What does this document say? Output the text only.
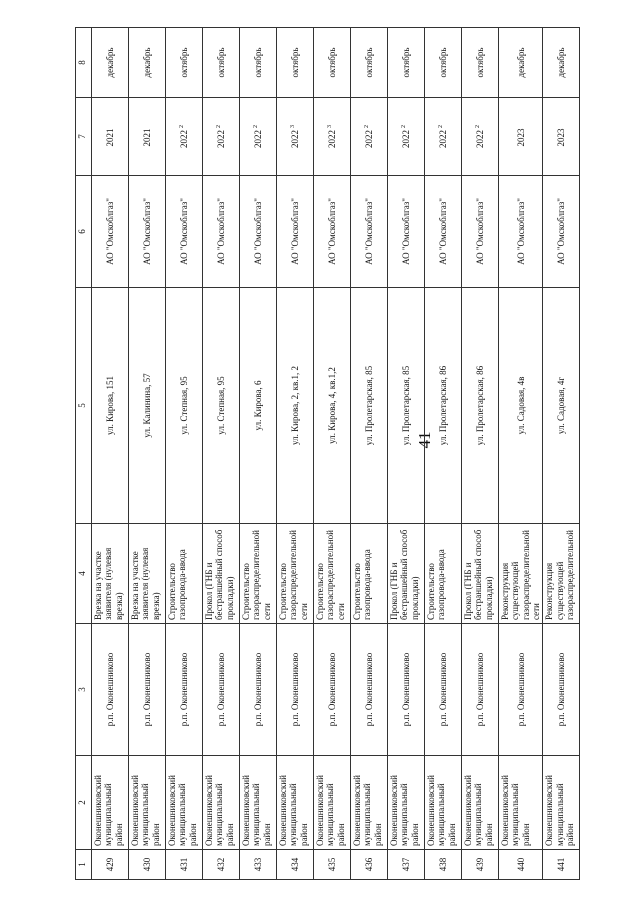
41
1	2	3	4	5	6	7	8
429	Оконешниковский муниципальный район	р.п. Оконешниково	Врезка на участке заявителя (нулевая врезка)	ул. Кирова, 151	АО "Омскоблгаз"	2021	декабрь
430	Оконешниковский муниципальный район	р.п. Оконешниково	Врезка на участке заявителя (нулевая врезка)	ул. Калинина, 57	АО "Омскоблгаз"	2021	декабрь
431	Оконешниковский муниципальный район	р.п. Оконешниково	Строительство газопровода-ввода	ул. Степная, 95	АО "Омскоблгаз"	2022$^2$	октябрь
432	Оконешниковский муниципальный район	р.п. Оконешниково	Прокол (ГНБ и бестраншейный способ прокладки)	ул. Степная, 95	АО "Омскоблгаз"	2022$^2$	октябрь
433	Оконешниковский муниципальный район	р.п. Оконешниково	Строительство газораспределительной сети	ул. Кирова, 6	АО "Омскоблгаз"	2022$^2$	октябрь
434	Оконешниковский муниципальный район	р.п. Оконешниково	Строительство газораспределительной сети	ул. Кирова, 2, кв.1, 2	АО "Омскоблгаз"	2022$^3$	октябрь
435	Оконешниковский муниципальный район	р.п. Оконешниково	Строительство газораспределительной сети	ул. Кирова, 4, кв.1,2	АО "Омскоблгаз"	2022$^3$	октябрь
436	Оконешниковский муниципальный район	р.п. Оконешниково	Строительство газопровода-ввода	ул. Пролетарская, 85	АО "Омскоблгаз"	2022$^2$	октябрь
437	Оконешниковский муниципальный район	р.п. Оконешниково	Прокол (ГНБ и бестраншейный способ прокладки)	ул. Пролетарская, 85	АО "Омскоблгаз"	2022$^2$	октябрь
438	Оконешниковский муниципальный район	р.п. Оконешниково	Строительство газопровода-ввода	ул. Пролетарская, 86	АО "Омскоблгаз"	2022$^2$	октябрь
439	Оконешниковский муниципальный район	р.п. Оконешниково	Прокол (ГНБ и бестраншейный способ прокладки)	ул. Пролетарская, 86	АО "Омскоблгаз"	2022$^2$	октябрь
440	Оконешниковский муниципальный район	р.п. Оконешниково	Реконструкция существующей газораспределительной сети	ул. Садовая, 4в	АО "Омскоблгаз"	2023	декабрь
441	Оконешниковский муниципальный район	р.п. Оконешниково	Реконструкция существующей газораспределительной	ул. Садовая, 4г	АО "Омскоблгаз"	2023	декабрь
